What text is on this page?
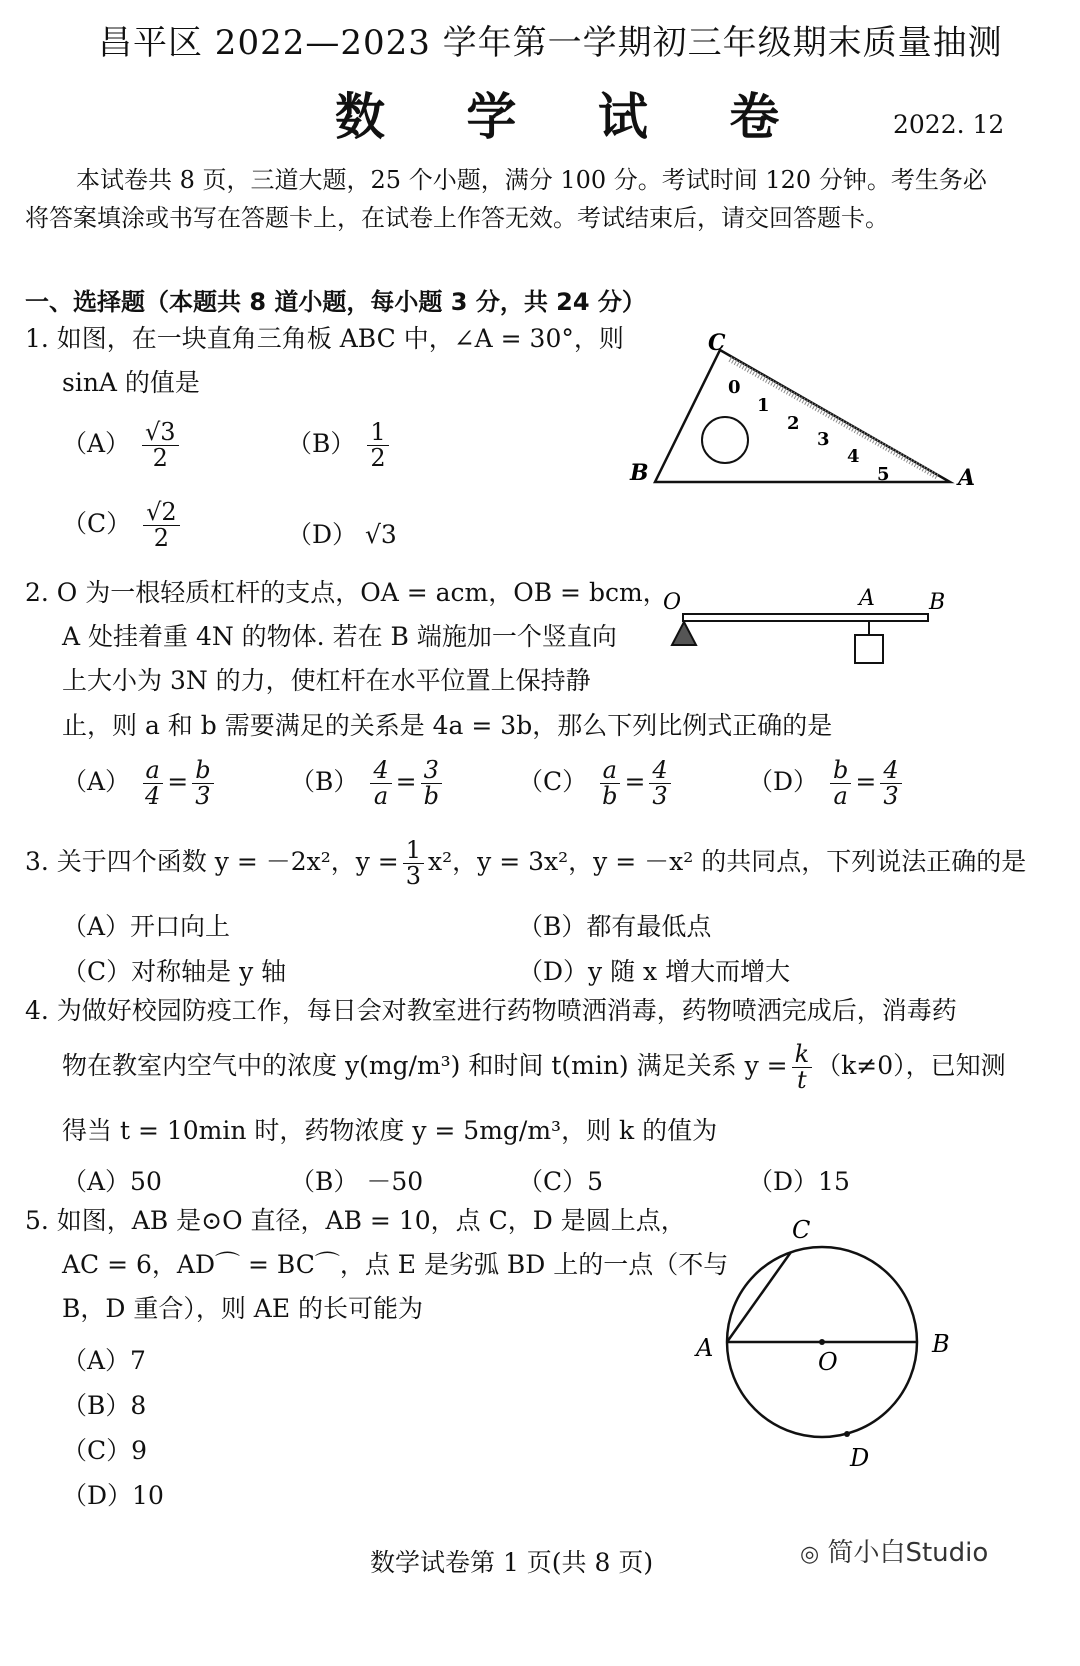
昌平区 2022—2023 学年第一学期初三年级期末质量抽测
数 学 试 卷	2022. 12
本试卷共 8 页，三道大题，25 个小题，满分 100 分。考试时间 120 分钟。考生务必
将答案填涂或书写在答题卡上，在试卷上作答无效。考试结束后，请交回答题卡。
一、选择题（本题共 8 道小题，每小题 3 分，共 24 分）
1. 如图，在一块直角三角板 ABC 中，∠A = 30°，则
sinA 的值是
$(A) \frac{√3}{2}$	$(B) \frac{1}{2}$
$(C) \frac{√2}{2}$	（D） √3
C
B	A
0
1
2
3
4
5
2. O 为一根轻质杠杆的支点，OA = acm，OB = bcm，
A 处挂着重 4N 的物体. 若在 B 端施加一个竖直向
上大小为 3N 的力，使杠杆在水平位置上保持静
止，则 a 和 b 需要满足的关系是 4a = 3b，那么下列比例式正确的是
$(A) \frac{a}{4} = \frac{b}{3}$	$(B) \frac{4}{a} = \frac{3}{b}$	$(C) \frac{a}{b} = \frac{4}{3}$	$(D) \frac{b}{a} = \frac{4}{3}$
O	A B
3. 关于四个函数 y = －2x²，$y = \frac{1}{3} x^2$，y = 3x²，y = －x² 的共同点，下列说法正确的是
（A）开口向上	（B）都有最低点
（C）对称轴是 y 轴	（D）y 随 x 增大而增大
4. 为做好校园防疫工作，每日会对教室进行药物喷洒消毒，药物喷洒完成后，消毒药
物在教室内空气中的浓度 y(mg/m³) 和时间 t(min) 满足关系 $y = \frac{k}{t} (k\ne 0)$，已知测
得当 t = 10min 时，药物浓度 y = 5mg/m³，则 k 的值为
（A）50	（B） －50	（C）5	（D）15
5. 如图，AB 是⊙O 直径，AB = 10，点 C，D 是圆上点，
AC = 6，AD⌒ = BC⌒，点 E 是劣弧 BD 上的一点（不与
B，D 重合），则 AE 的长可能为
（A）7
（B）8
（C）9
（D）10
C
A	O
B
D
数学试卷第 1 页(共 8 页)	◎ 简小白Studio
